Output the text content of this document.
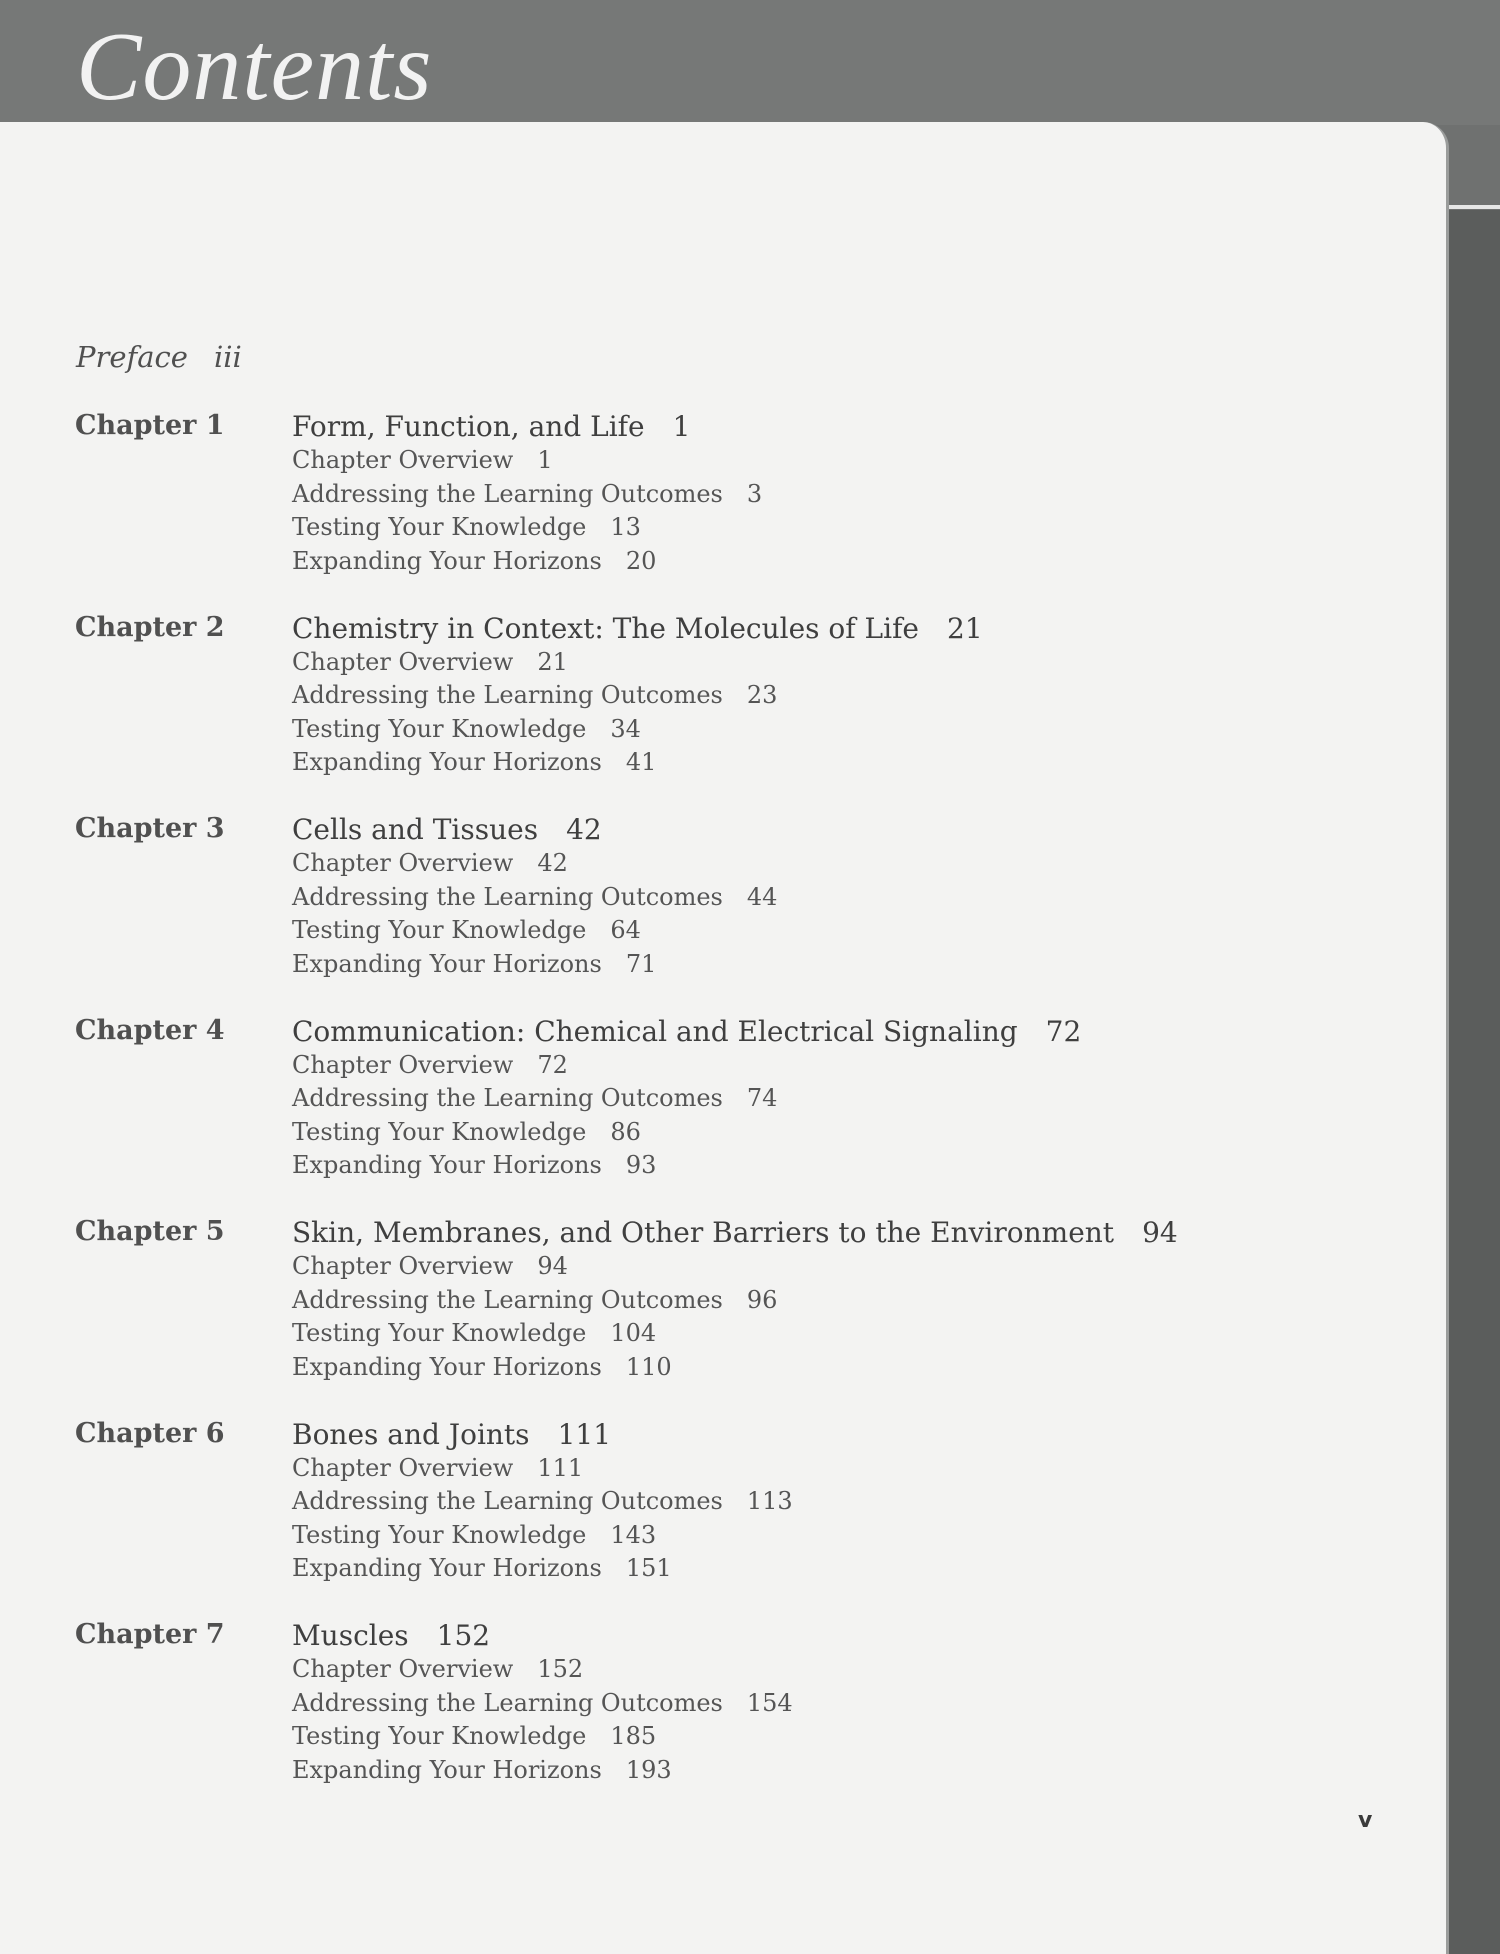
Contents
Preface iii
Chapter 1 Form, Function, and Life 1
Chapter Overview 1
Addressing the Learning Outcomes 3
Testing Your Knowledge 13
Expanding Your Horizons 20
Chapter 2 Chemistry in Context: The Molecules of Life 21
Chapter Overview 21
Addressing the Learning Outcomes 23
Testing Your Knowledge 34
Expanding Your Horizons 41
Chapter 3 Cells and Tissues 42
Chapter Overview 42
Addressing the Learning Outcomes 44
Testing Your Knowledge 64
Expanding Your Horizons 71
Chapter 4 Communication: Chemical and Electrical Signaling 72
Chapter Overview 72
Addressing the Learning Outcomes 74
Testing Your Knowledge 86
Expanding Your Horizons 93
Chapter 5 Skin, Membranes, and Other Barriers to the Environment 94
Chapter Overview 94
Addressing the Learning Outcomes 96
Testing Your Knowledge 104
Expanding Your Horizons 110
Chapter 6 Bones and Joints 111
Chapter Overview 111
Addressing the Learning Outcomes 113
Testing Your Knowledge 143
Expanding Your Horizons 151
Chapter 7 Muscles 152
Chapter Overview 152
Addressing the Learning Outcomes 154
Testing Your Knowledge 185
Expanding Your Horizons 193
v
